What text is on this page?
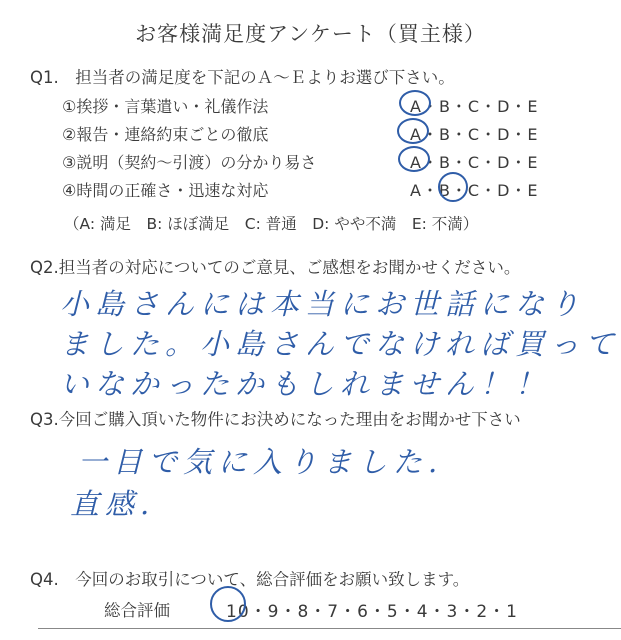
お客様満足度アンケート（買主様）
Q1.　担当者の満足度を下記のＡ～Ｅよりお選び下さい。
①挨拶・言葉遣い・礼儀作法	A・B・C・D・E
②報告・連絡約束ごとの徹底	A・B・C・D・E
③説明（契約～引渡）の分かり易さ	A・B・C・D・E
④時間の正確さ・迅速な対応	A・B・C・D・E
（A: 満足　B: ほぼ満足　C: 普通　D: やや不満　E: 不満）
Q2.担当者の対応についてのご意見、ご感想をお聞かせください。
小島さんには本当にお世話になり
ました。小島さんでなければ買って
いなかったかもしれません！！
Q3.今回ご購入頂いた物件にお決めになった理由をお聞かせ下さい
一目で気に入りました.
直感.
Q4.　今回のお取引について、総合評価をお願い致します。
総合評価	10・9・8・7・6・5・4・3・2・1
